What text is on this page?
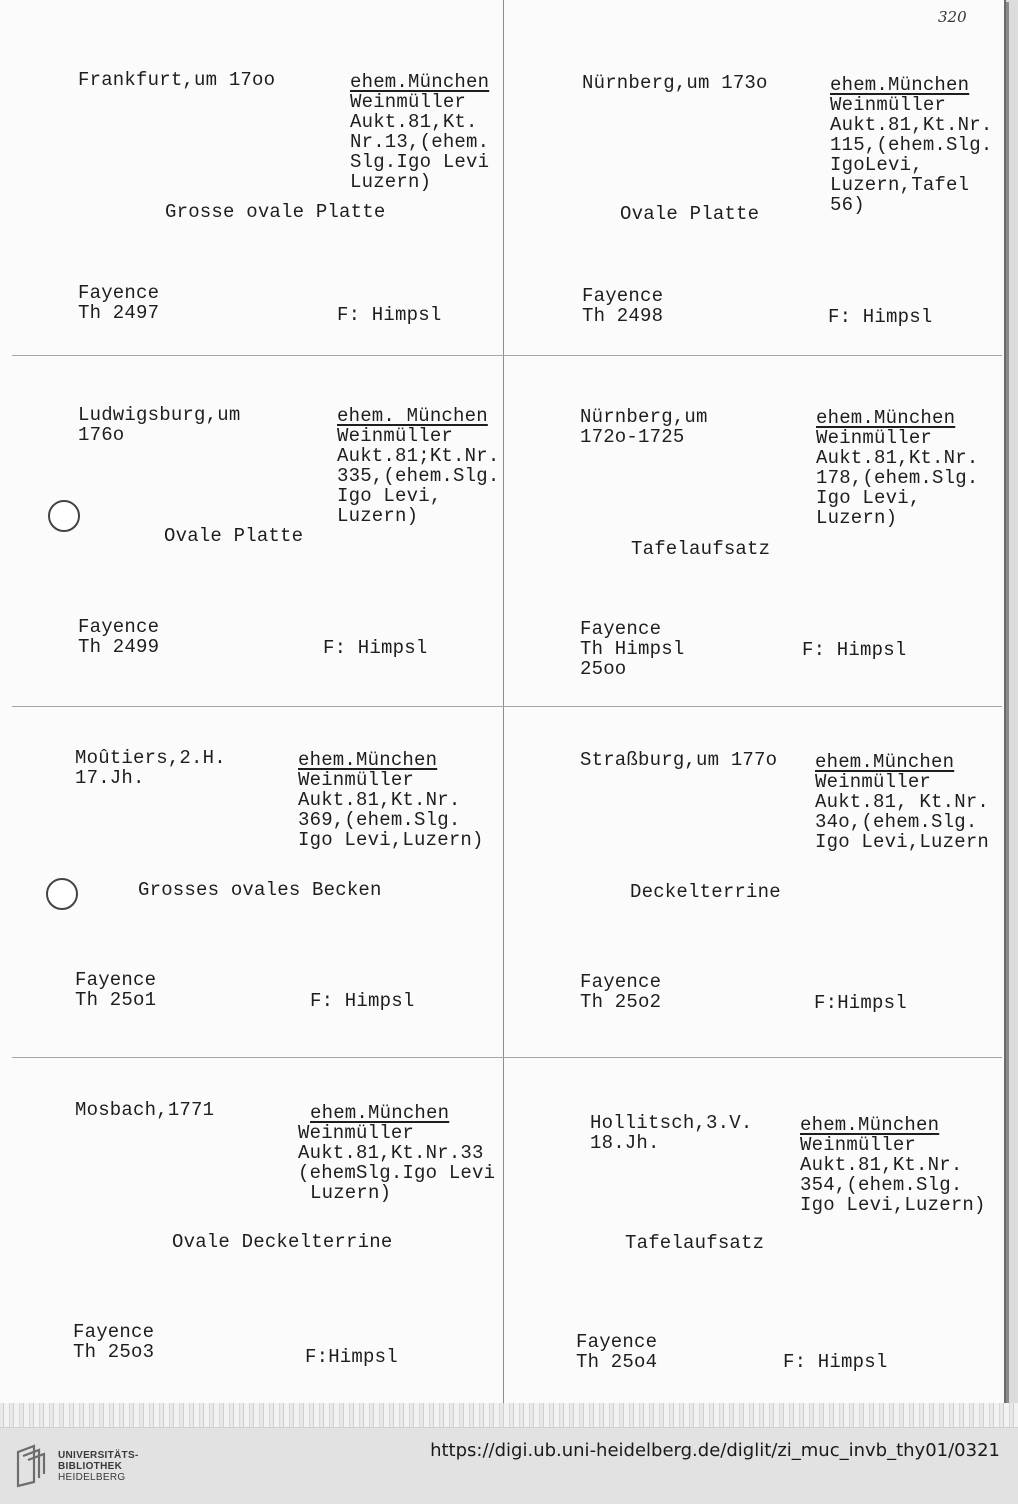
320
Frankfurt,um 17oo	ehem.München
Weinmüller
Aukt.81,Kt.
Nr.13,(ehem.
Slg.Igo Levi
Luzern)
Grosse ovale Platte
Fayence
Th 2497	F: Himpsl
Nürnberg,um 173o	ehem.München
Weinmüller
Aukt.81,Kt.Nr.
115,(ehem.Slg.
IgoLevi,
Luzern,Tafel
56)
Ovale Platte
Fayence
Th 2498	F: Himpsl
Ludwigsburg,um
176o
ehem. München
Weinmüller
Aukt.81;Kt.Nr.
335,(ehem.Slg.
Igo Levi,
Luzern)
Ovale Platte
Fayence
Th 2499	F: Himpsl
Nürnberg,um
172o-1725
ehem.München
Weinmüller
Aukt.81,Kt.Nr.
178,(ehem.Slg.
Igo Levi,
Luzern)
Tafelaufsatz
Fayence
Th Himpsl
25oo
F: Himpsl
Moûtiers,2.H.
17.Jh.
ehem.München
Weinmüller
Aukt.81,Kt.Nr.
369,(ehem.Slg.
Igo Levi,Luzern)
Grosses ovales Becken
Fayence
Th 25o1	F: Himpsl
Straßburg,um 177o ehem.München
Weinmüller
Aukt.81, Kt.Nr.
34o,(ehem.Slg.
Igo Levi,Luzern
Deckelterrine
Fayence
Th 25o2	F:Himpsl
Mosbach,1771	ehem.München
Weinmüller
Aukt.81,Kt.Nr.33
(ehemSlg.Igo Levi
Luzern)
Ovale Deckelterrine
Fayence
Th 25o3	F:Himpsl
Hollitsch,3.V.
18.Jh.
ehem.München
Weinmüller
Aukt.81,Kt.Nr.
354,(ehem.Slg.
Igo Levi,Luzern)
Tafelaufsatz
Fayence
Th 25o4	F: Himpsl
UNIVERSITÄTS-
BIBLIOTHEK
HEIDELBERG
https://digi.ub.uni-heidelberg.de/diglit/zi_muc_invb_thy01/0321
